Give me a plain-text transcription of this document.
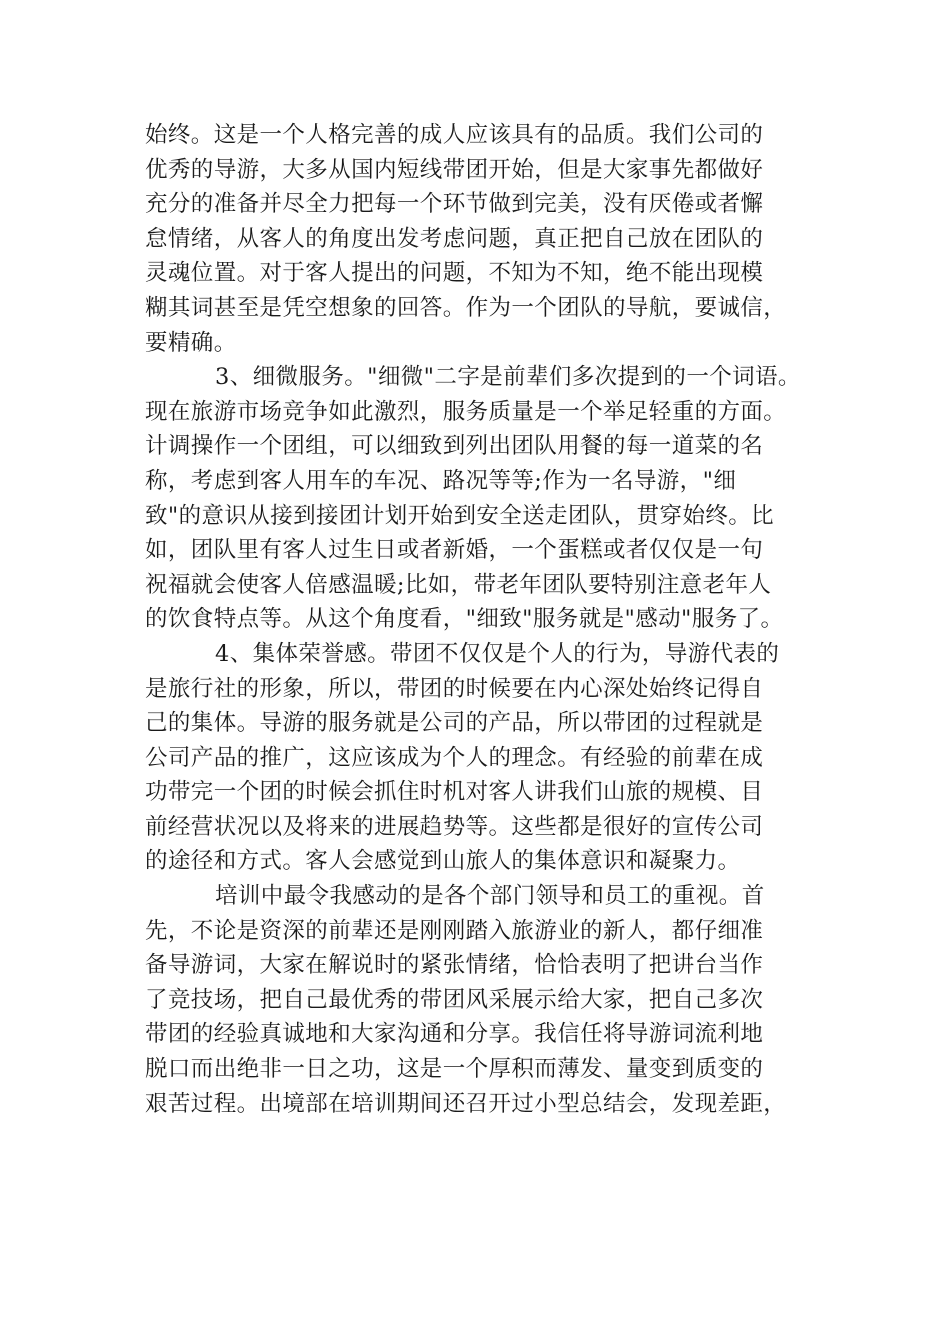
始终。这是一个人格完善的成人应该具有的品质。我们公司的
优秀的导游，大多从国内短线带团开始，但是大家事先都做好
充分的准备并尽全力把每一个环节做到完美，没有厌倦或者懈
怠情绪，从客人的角度出发考虑问题，真正把自己放在团队的
灵魂位置。对于客人提出的问题，不知为不知，绝不能出现模
糊其词甚至是凭空想象的回答。作为一个团队的导航，要诚信，
要精确。
3、细微服务。"细微"二字是前辈们多次提到的一个词语。
现在旅游市场竞争如此激烈，服务质量是一个举足轻重的方面。
计调操作一个团组，可以细致到列出团队用餐的每一道菜的名
称，考虑到客人用车的车况、路况等等;作为一名导游，"细
致"的意识从接到接团计划开始到安全送走团队，贯穿始终。比
如，团队里有客人过生日或者新婚，一个蛋糕或者仅仅是一句
祝福就会使客人倍感温暖;比如，带老年团队要特别注意老年人
的饮食特点等。从这个角度看，"细致"服务就是"感动"服务了。
4、集体荣誉感。带团不仅仅是个人的行为，导游代表的
是旅行社的形象，所以，带团的时候要在内心深处始终记得自
己的集体。导游的服务就是公司的产品，所以带团的过程就是
公司产品的推广，这应该成为个人的理念。有经验的前辈在成
功带完一个团的时候会抓住时机对客人讲我们山旅的规模、目
前经营状况以及将来的进展趋势等。这些都是很好的宣传公司
的途径和方式。客人会感觉到山旅人的集体意识和凝聚力。
培训中最令我感动的是各个部门领导和员工的重视。首
先，不论是资深的前辈还是刚刚踏入旅游业的新人，都仔细准
备导游词，大家在解说时的紧张情绪，恰恰表明了把讲台当作
了竞技场，把自己最优秀的带团风采展示给大家，把自己多次
带团的经验真诚地和大家沟通和分享。我信任将导游词流利地
脱口而出绝非一日之功，这是一个厚积而薄发、量变到质变的
艰苦过程。出境部在培训期间还召开过小型总结会，发现差距，
